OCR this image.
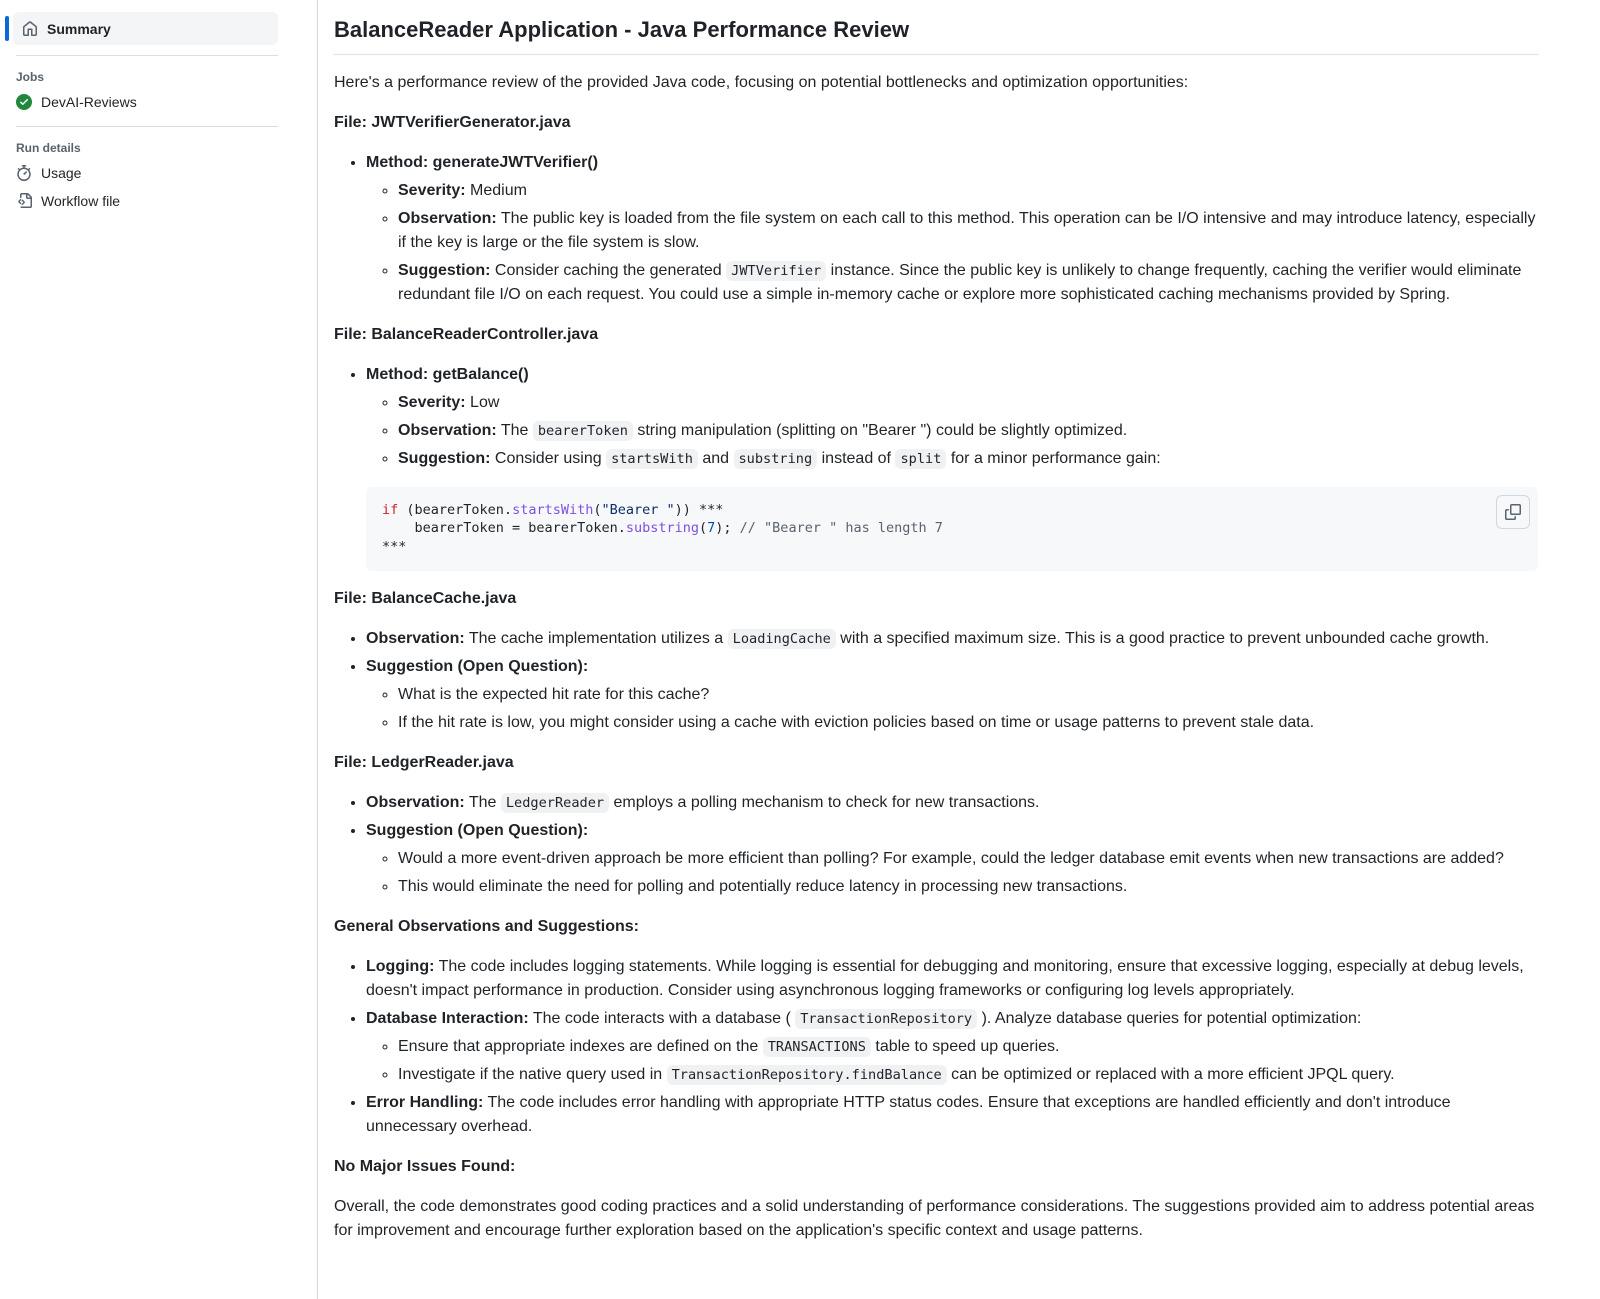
Summary
Jobs
DevAI-Reviews
Run details
Usage
Workflow file
BalanceReader Application - Java Performance Review

Here's a performance review of the provided Java code, focusing on potential bottlenecks and optimization opportunities:

File: JWTVerifierGenerator.java

• Method: generateJWTVerifier()
◦ Severity: Medium
◦ Observation: The public key is loaded from the file system on each call to this method. This operation can be I/O intensive and may introduce latency, especially if the key is large or the file system is slow.
◦ Suggestion: Consider caching the generated JWTVerifier instance. Since the public key is unlikely to change frequently, caching the verifier would eliminate redundant file I/O on each request. You could use a simple in-memory cache or explore more sophisticated caching mechanisms provided by Spring.

File: BalanceReaderController.java

• Method: getBalance()
◦ Severity: Low
◦ Observation: The bearerToken string manipulation (splitting on "Bearer ") could be slightly optimized.
◦ Suggestion: Consider using startsWith and substring instead of split for a minor performance gain:
if (bearerToken.startsWith("Bearer ")) ***
bearerToken = bearerToken.substring(7); // "Bearer " has length 7
***

File: BalanceCache.java

• Observation: The cache implementation utilizes a LoadingCache with a specified maximum size. This is a good practice to prevent unbounded cache growth.
• Suggestion (Open Question):
◦ What is the expected hit rate for this cache?
◦ If the hit rate is low, you might consider using a cache with eviction policies based on time or usage patterns to prevent stale data.

File: LedgerReader.java

• Observation: The LedgerReader employs a polling mechanism to check for new transactions.
• Suggestion (Open Question):
◦ Would a more event-driven approach be more efficient than polling? For example, could the ledger database emit events when new transactions are added?
◦ This would eliminate the need for polling and potentially reduce latency in processing new transactions.

General Observations and Suggestions:

• Logging: The code includes logging statements. While logging is essential for debugging and monitoring, ensure that excessive logging, especially at debug levels, doesn't impact performance in production. Consider using asynchronous logging frameworks or configuring log levels appropriately.
• Database Interaction: The code interacts with a database ( TransactionRepository ). Analyze database queries for potential optimization:
◦ Ensure that appropriate indexes are defined on the TRANSACTIONS table to speed up queries.
◦ Investigate if the native query used in TransactionRepository.findBalance can be optimized or replaced with a more efficient JPQL query.
• Error Handling: The code includes error handling with appropriate HTTP status codes. Ensure that exceptions are handled efficiently and don't introduce unnecessary overhead.

No Major Issues Found:

Overall, the code demonstrates good coding practices and a solid understanding of performance considerations. The suggestions provided aim to address potential areas for improvement and encourage further exploration based on the application's specific context and usage patterns.
